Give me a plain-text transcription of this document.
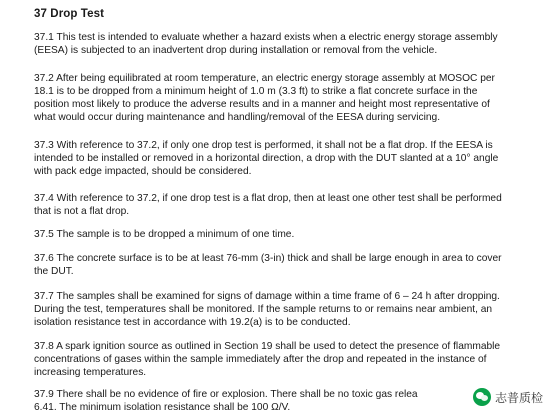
37 Drop Test
37.1 This test is intended to evaluate whether a hazard exists when a electric energy storage assembly
(EESA) is subjected to an inadvertent drop during installation or removal from the vehicle.
37.2 After being equilibrated at room temperature, an electric energy storage assembly at MOSOC per
18.1 is to be dropped from a minimum height of 1.0 m (3.3 ft) to strike a flat concrete surface in the
position most likely to produce the adverse results and in a manner and height most representative of
what would occur during maintenance and handling/removal of the EESA during servicing.
37.3 With reference to 37.2, if only one drop test is performed, it shall not be a flat drop. If the EESA is
intended to be installed or removed in a horizontal direction, a drop with the DUT slanted at a 10° angle
with pack edge impacted, should be considered.
37.4 With reference to 37.2, if one drop test is a flat drop, then at least one other test shall be performed
that is not a flat drop.
37.5 The sample is to be dropped a minimum of one time.
37.6 The concrete surface is to be at least 76-mm (3-in) thick and shall be large enough in area to cover
the DUT.
37.7 The samples shall be examined for signs of damage within a time frame of 6 – 24 h after dropping.
During the test, temperatures shall be monitored. If the sample returns to or remains near ambient, an
isolation resistance test in accordance with 19.2(a) is to be conducted.
37.8 A spark ignition source as outlined in Section 19 shall be used to detect the presence of flammable
concentrations of gases within the sample immediately after the drop and repeated in the instance of
increasing temperatures.
37.9 There shall be no evidence of fire or explosion. There shall be no toxic gas relea
6.41. The minimum isolation resistance shall be 100 Ω/V.
志普质检
